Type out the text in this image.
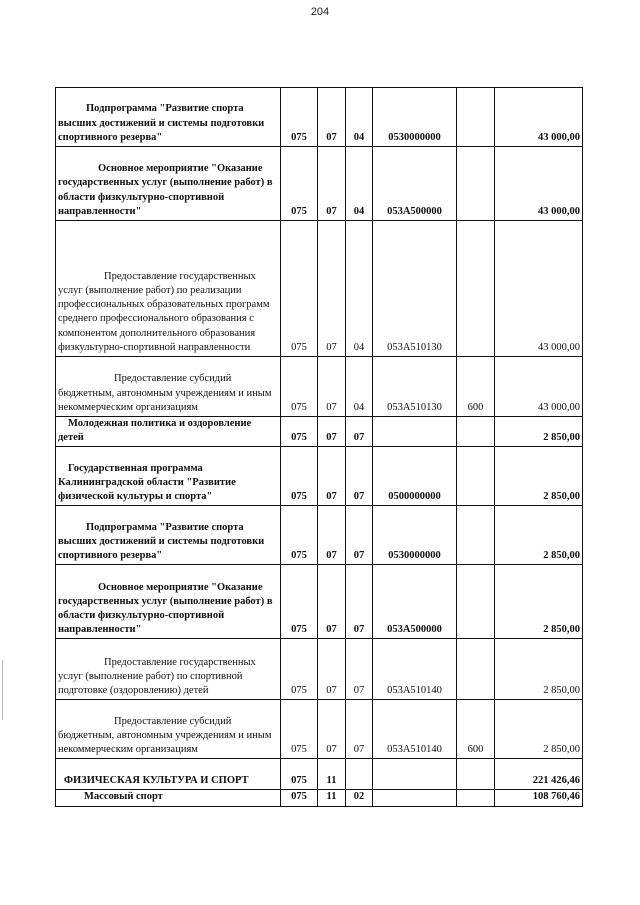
204
Подпрограмма "Развитие спорта высших достижений и системы подготовки спортивного резерва"	075	07	04	0530000000		43 000,00
Основное мероприятие "Оказание государственных услуг (выполнение работ) в области физкультурно-спортивной направленности"	075	07	04	053А500000		43 000,00
Предоставление государственных услуг (выполнение работ) по реализации профессиональных образовательных программ среднего профессионального образования с компонентом дополнительного образования физкультурно-спортивной направленности	075	07	04	053А510130		43 000,00
Предоставление субсидий бюджетным, автономным учреждениям и иным некоммерческим организациям	075	07	04	053А510130	600	43 000,00
Молодежная политика и оздоровление детей	075	07	07			2 850,00
Государственная программа Калининградской области "Развитие физической культуры и спорта"	075	07	07	0500000000		2 850,00
Подпрограмма "Развитие спорта высших достижений и системы подготовки спортивного резерва"	075	07	07	0530000000		2 850,00
Основное мероприятие "Оказание государственных услуг (выполнение работ) в области физкультурно-спортивной направленности"	075	07	07	053А500000		2 850,00
Предоставление государственных услуг (выполнение работ) по спортивной подготовке (оздоровлению) детей	075	07	07	053А510140		2 850,00
Предоставление субсидий бюджетным, автономным учреждениям и иным некоммерческим организациям	075	07	07	053А510140	600	2 850,00
ФИЗИЧЕСКАЯ КУЛЬТУРА И СПОРТ	075	11				221 426,46
Массовый спорт	075	11	02			108 760,46
